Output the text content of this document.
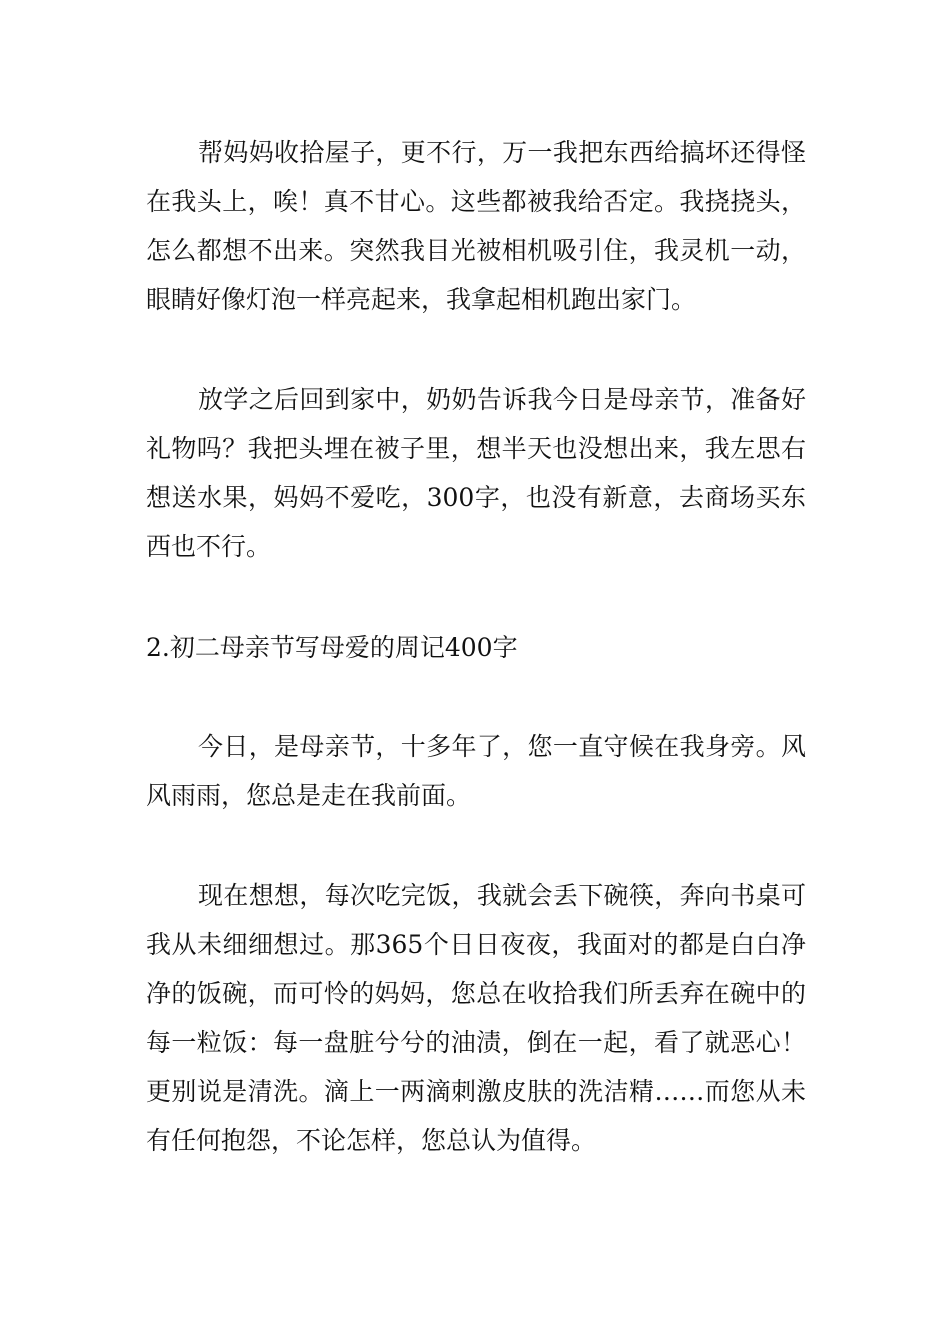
帮妈妈收拾屋子，更不行，万一我把东西给搞坏还得怪在我头上，唉！真不甘心。这些都被我给否定。我挠挠头，怎么都想不出来。突然我目光被相机吸引住，我灵机一动，眼睛好像灯泡一样亮起来，我拿起相机跑出家门。

放学之后回到家中，奶奶告诉我今日是母亲节，准备好礼物吗？我把头埋在被子里，想半天也没想出来，我左思右想送水果，妈妈不爱吃，300字，也没有新意，去商场买东西也不行。

2.初二母亲节写母爱的周记400字

今日，是母亲节，十多年了，您一直守候在我身旁。风风雨雨，您总是走在我前面。

现在想想，每次吃完饭，我就会丢下碗筷，奔向书桌可我从未细细想过。那365个日日夜夜，我面对的都是白白净净的饭碗，而可怜的妈妈，您总在收拾我们所丢弃在碗中的每一粒饭：每一盘脏兮兮的油渍，倒在一起，看了就恶心！更别说是清洗。滴上一两滴刺激皮肤的洗洁精……而您从未有任何抱怨，不论怎样，您总认为值得。
